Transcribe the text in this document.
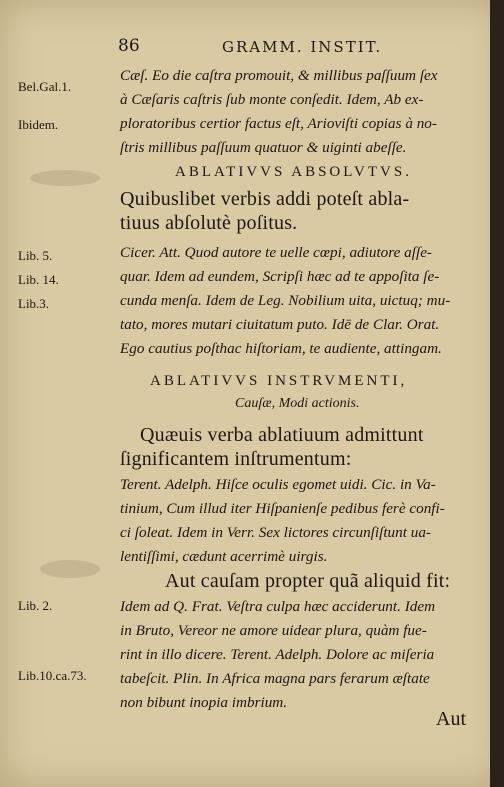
86	GRAMM. INSTIT.
Bel.Gal.1.
Ibidem.
Lib. 5.
Lib. 14.
Lib.3.
Lib. 2.
Lib.10.ca.73.
Cæſ. Eo die caſtra promouit, & millibus paſſuum ſex
à Cæſaris caſtris ſub monte conſedit. Idem, Ab ex-
ploratoribus certior factus eſt, Arioviſti copias à no-
ſtris millibus paſſuum quatuor & uiginti abeſſe.
ABLATIVVS ABSOLVTVS.
Quibuslibet verbis addi poteſt abla-
tiuus abſolutè poſitus.
Cicer. Att. Quod autore te uelle cœpi, adiutore aſſe-
quar. Idem ad eundem, Scripſi hæc ad te appoſita ſe-
cunda menſa. Idem de Leg. Nobilium uita, uictuq; mu-
tato, mores mutari ciuitatum puto. Idē de Clar. Orat.
Ego cautius poſthac hiſtoriam, te audiente, attingam.
ABLATIVVS INSTRVMENTI,
Cauſæ, Modi actionis.
Quæuis verba ablatiuum admittunt
ſignificantem inſtrumentum:
Terent. Adelph. Hiſce oculis egomet uidi. Cic. in Va-
tinium, Cum illud iter Hiſpanienſe pedibus ferè confi-
ci ſoleat. Idem in Verr. Sex lictores circunſiſtunt ua-
lentiſſimi, cædunt acerrimè uirgis.
Aut cauſam propter quã aliquid fit:
Idem ad Q. Frat. Veſtra culpa hæc acciderunt. Idem
in Bruto, Vereor ne amore uidear plura, quàm fue-
rint in illo dicere. Terent. Adelph. Dolore ac miſeria
tabeſcit. Plin. In Africa magna pars ferarum æſtate
non bibunt inopia imbrium.
Aut
